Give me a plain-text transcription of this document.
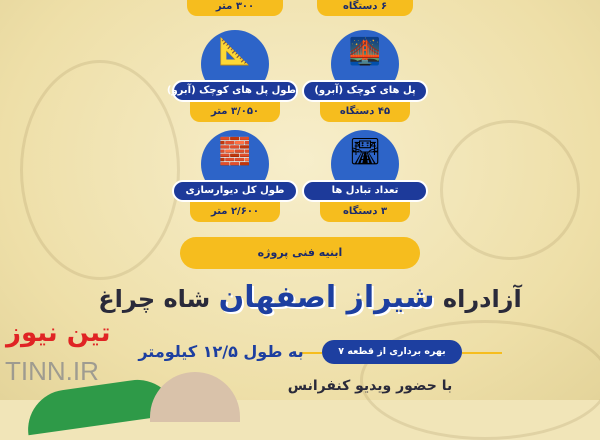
۳۰۰ متر	۶ دستگاه
📐
طول پل های کوچک (آبرو)
۳/۰۵۰ متر
🌉
پل های کوچک (آبرو)
۴۵ دستگاه
🧱
طول کل دیوارسازی
۲/۶۰۰ متر
🛣
تعداد تبادل ها
۳ دستگاه
ابنیه فنی پروژه
آزادراه شیراز اصفهان شاه چراغ
بهره برداری از قطعه ۷
به طول ۱۲/۵ کیلومتر
با حضور ویدیو کنفرانس
تین نیوز
TINN.IR
